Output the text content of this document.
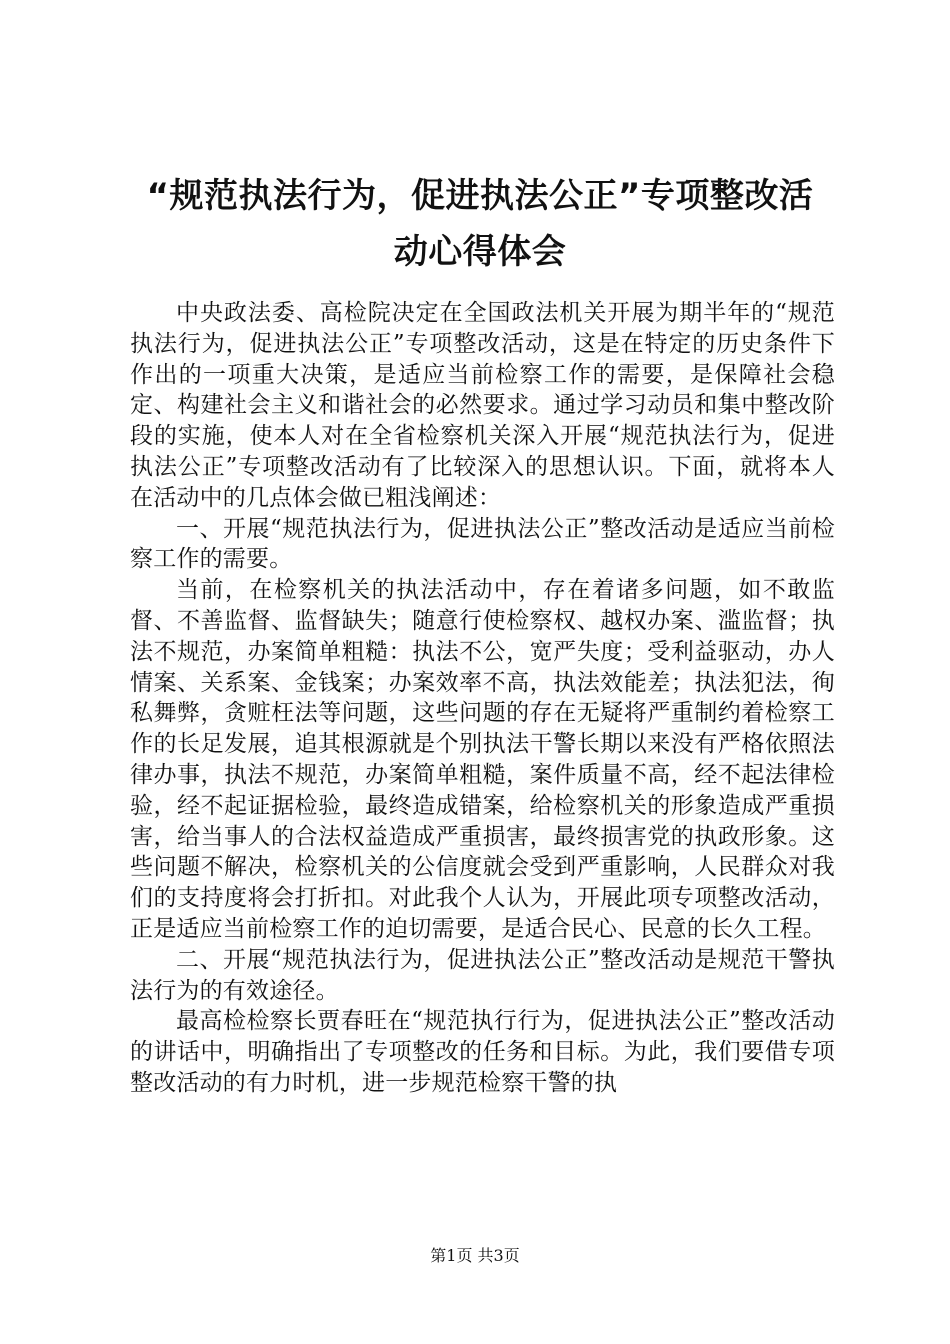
“规范执法行为，促进执法公正”专项整改活
动心得体会

中央政法委、高检院决定在全国政法机关开展为期半年的“规范执法行为，促进执法公正”专项整改活动，这是在特定的历史条件下作出的一项重大决策，是适应当前检察工作的需要，是保障社会稳定、构建社会主义和谐社会的必然要求。通过学习动员和集中整改阶段的实施，使本人对在全省检察机关深入开展“规范执法行为，促进执法公正”专项整改活动有了比较深入的思想认识。下面，就将本人在活动中的几点体会做已粗浅阐述：

一、开展“规范执法行为，促进执法公正”整改活动是适应当前检察工作的需要。

当前，在检察机关的执法活动中，存在着诸多问题，如不敢监督、不善监督、监督缺失；随意行使检察权、越权办案、滥监督；执法不规范，办案简单粗糙：执法不公，宽严失度；受利益驱动，办人情案、关系案、金钱案；办案效率不高，执法效能差；执法犯法，徇私舞弊，贪赃枉法等问题，这些问题的存在无疑将严重制约着检察工作的长足发展，追其根源就是个别执法干警长期以来没有严格依照法律办事，执法不规范，办案简单粗糙，案件质量不高，经不起法律检验，经不起证据检验，最终造成错案，给检察机关的形象造成严重损害，给当事人的合法权益造成严重损害，最终损害党的执政形象。这些问题不解决，检察机关的公信度就会受到严重影响，人民群众对我们的支持度将会打折扣。对此我个人认为，开展此项专项整改活动，正是适应当前检察工作的迫切需要，是适合民心、民意的长久工程。

二、开展“规范执法行为，促进执法公正”整改活动是规范干警执法行为的有效途径。

最高检检察长贾春旺在“规范执行行为，促进执法公正”整改活动的讲话中，明确指出了专项整改的任务和目标。为此，我们要借专项整改活动的有力时机，进一步规范检察干警的执

第1页 共3页
